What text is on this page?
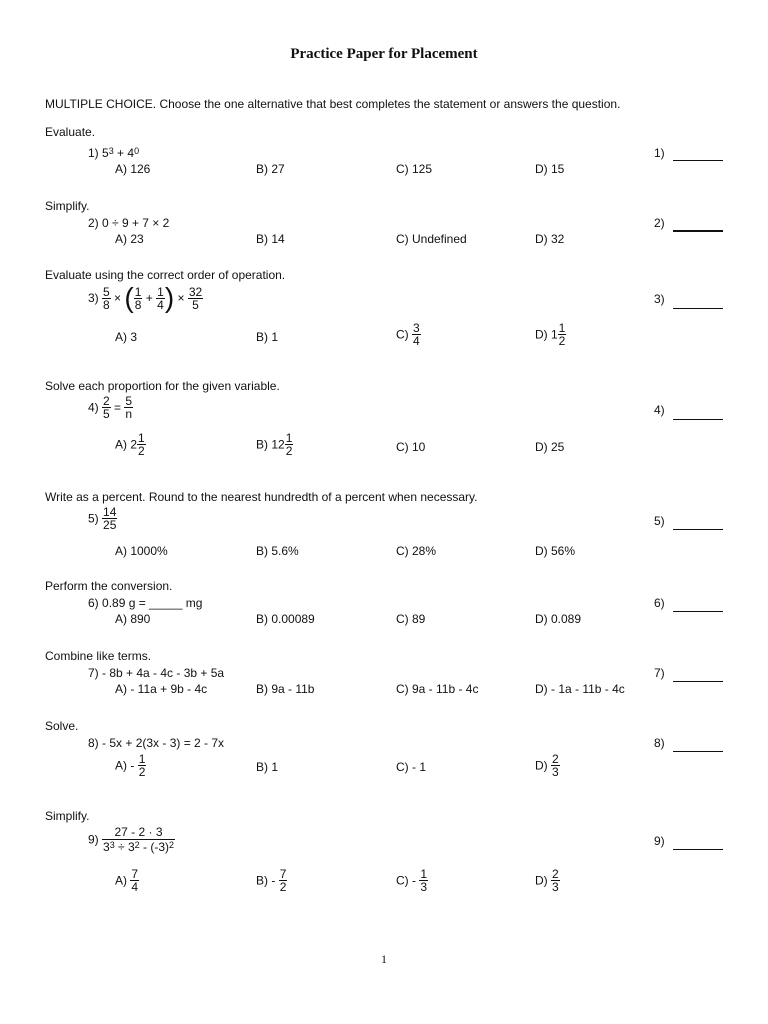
Practice Paper for Placement
MULTIPLE CHOICE. Choose the one alternative that best completes the statement or answers the question.
Evaluate.
1) $5^3 + 4^0$
A) 126	B) 27	C) 125	D) 15
1)
Simplify.
2) 0 ÷ 9 + 7 × 2
A) 23	B) 14	C) Undefined	D) 32
2)
Evaluate using the correct order of operation.
$3) \frac{5}{8}$ × ( $\frac{1}{8} + \frac{1}{4}$ ) × $\frac{32}{5}$
A) 3	B) 1	$C) \frac{3}{4}$	D) $1 \frac{1}{2}$
3)
Solve each proportion for the given variable.
$4) \frac{2}{5} = \frac{5}{n}$
A) $2 \frac{1}{2}$	B) $12 \frac{1}{2}$	C) 10	D) 25
4)
Write as a percent. Round to the nearest hundredth of a percent when necessary.
$5) \frac{14}{25}$
A) 1000%	B) 5.6%	C) 28%	D) 56%
5)
Perform the conversion.
6) 0.89 g = _____ mg
A) 890	B) 0.00089	C) 89	D) 0.089
6)
Combine like terms.
7) - 8b + 4a - 4c - 3b + 5a
A) - 11a + 9b - 4c	B) 9a - 11b	C) 9a - 11b - 4c	D) - 1a - 11b - 4c
7)
Solve.
8) - 5x + 2(3x - 3) = 2 - 7x
$A) - \frac{1}{2}$	B) 1	C) - 1	$D) \frac{2}{3}$
8)
Simplify.
$9) \frac{27 - 2 \cdot 3}{3^3 \div 3^2 - (-3)^2}$
$A) \frac{7}{4}$	$B) - \frac{7}{2}$	$C) - \frac{1}{3}$	$D) \frac{2}{3}$
9)
1
